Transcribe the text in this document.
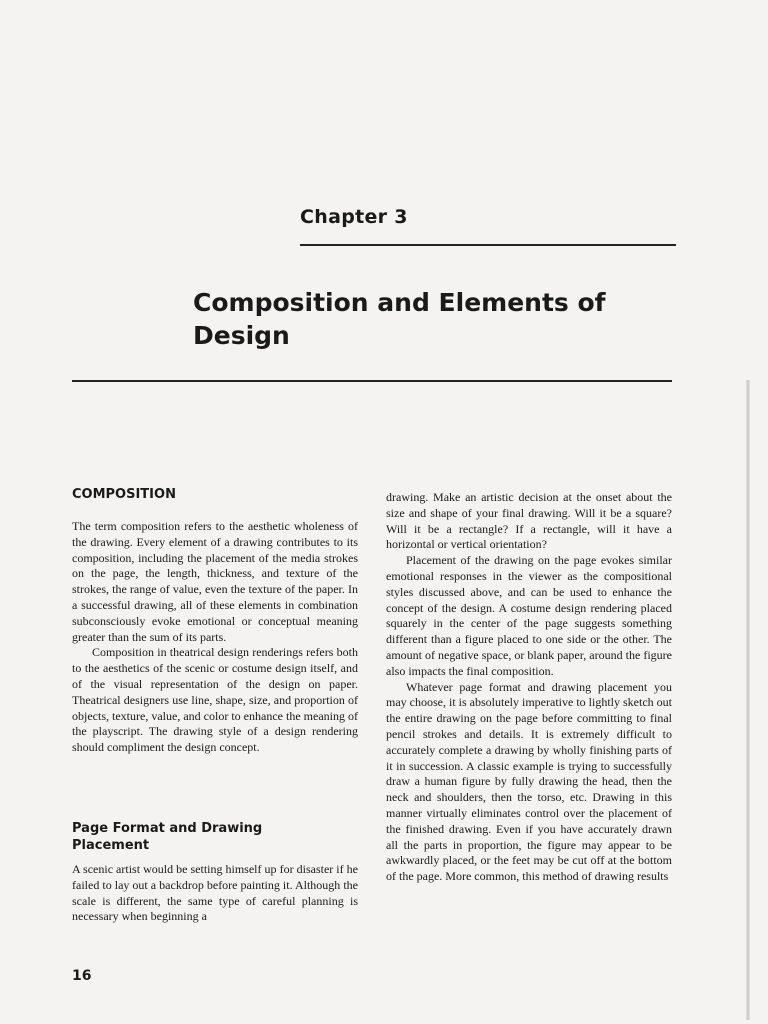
Chapter 3
Composition and Elements of Design
COMPOSITION

The term composition refers to the aesthetic wholeness of the drawing. Every element of a drawing contributes to its composition, including the placement of the media strokes on the page, the length, thickness, and texture of the strokes, the range of value, even the texture of the paper. In a successful drawing, all of these elements in combination subconsciously evoke emotional or conceptual meaning greater than the sum of its parts.

Composition in theatrical design renderings refers both to the aesthetics of the scenic or costume design itself, and of the visual representation of the design on paper. Theatrical designers use line, shape, size, and proportion of objects, texture, value, and color to enhance the meaning of the playscript. The drawing style of a design rendering should compliment the design concept.

Page Format and Drawing Placement

A scenic artist would be setting himself up for disaster if he failed to lay out a backdrop before painting it. Although the scale is different, the same type of careful planning is necessary when beginning a

drawing. Make an artistic decision at the onset about the size and shape of your final drawing. Will it be a square? Will it be a rectangle? If a rectangle, will it have a horizontal or vertical orientation?

Placement of the drawing on the page evokes similar emotional responses in the viewer as the compositional styles discussed above, and can be used to enhance the concept of the design. A costume design rendering placed squarely in the center of the page suggests something different than a figure placed to one side or the other. The amount of negative space, or blank paper, around the figure also impacts the final composition.

Whatever page format and drawing placement you may choose, it is absolutely imperative to lightly sketch out the entire drawing on the page before committing to final pencil strokes and details. It is extremely difficult to accurately complete a drawing by wholly finishing parts of it in succession. A classic example is trying to successfully draw a human figure by fully drawing the head, then the neck and shoulders, then the torso, etc. Drawing in this manner virtually eliminates control over the placement of the finished drawing. Even if you have accurately drawn all the parts in proportion, the figure may appear to be awkwardly placed, or the feet may be cut off at the bottom of the page. More common, this method of drawing results

16
